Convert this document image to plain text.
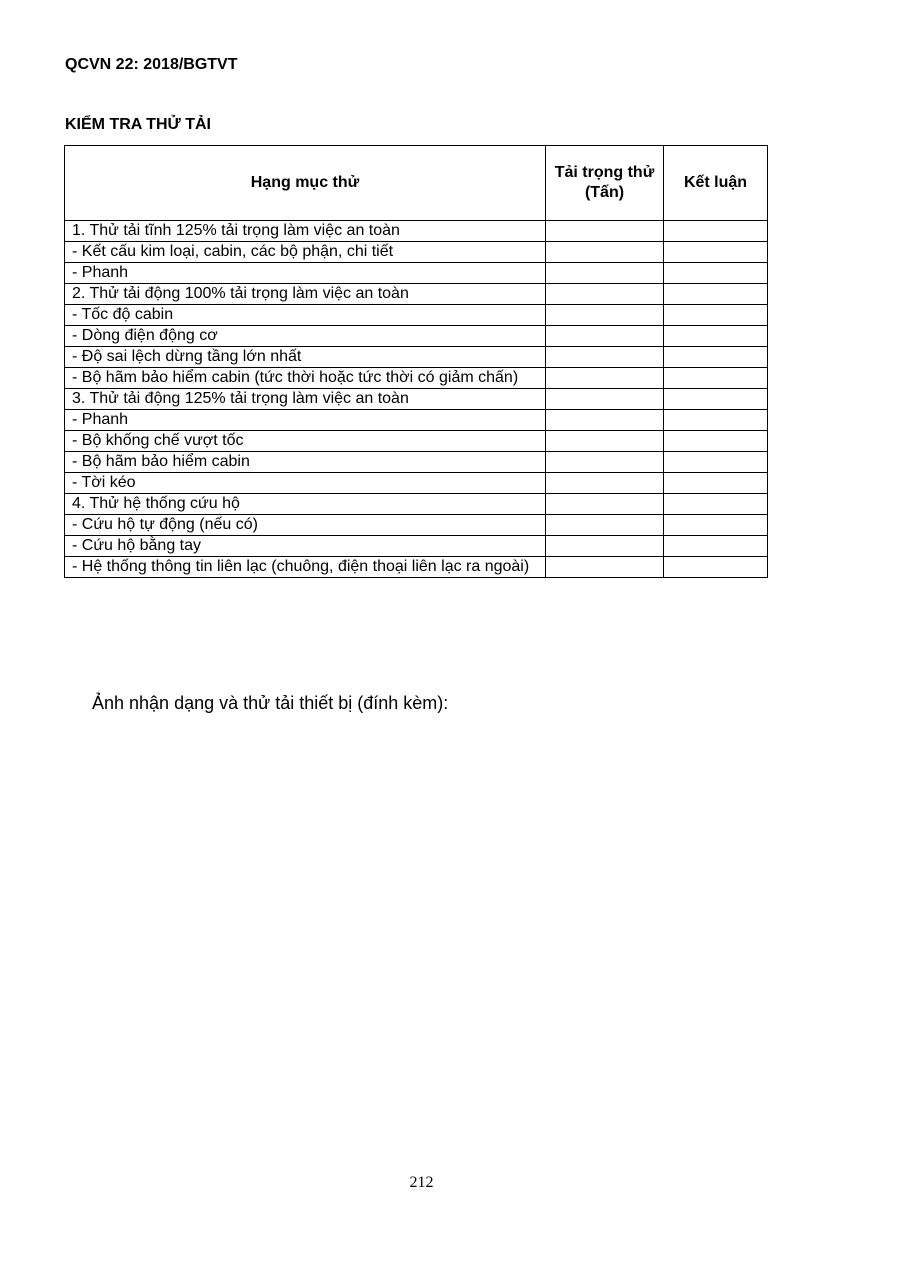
QCVN 22: 2018/BGTVT
KIỂM TRA THỬ TẢI
Hạng mục thử	Tải trọng thử (Tấn)	Kết luận
1. Thử tải tĩnh 125% tải trọng làm việc an toàn		
- Kết cấu kim loại, cabin, các bộ phận, chi tiết		
- Phanh		
2. Thử tải động 100% tải trọng làm việc an toàn		
- Tốc độ cabin		
- Dòng điện động cơ		
- Độ sai lệch dừng tầng lớn nhất		
- Bộ hãm bảo hiểm cabin (tức thời hoặc tức thời có giảm chấn)		
3. Thử tải động 125% tải trọng làm việc an toàn		
- Phanh		
- Bộ khống chế vượt tốc		
- Bộ hãm bảo hiểm cabin		
- Tời kéo		
4. Thử hệ thống cứu hộ		
- Cứu hộ tự động (nếu có)		
- Cứu hộ bằng tay		
- Hệ thống thông tin liên lạc (chuông, điện thoại liên lạc ra ngoài)		
Ảnh nhận dạng và thử tải thiết bị (đính kèm):
212
